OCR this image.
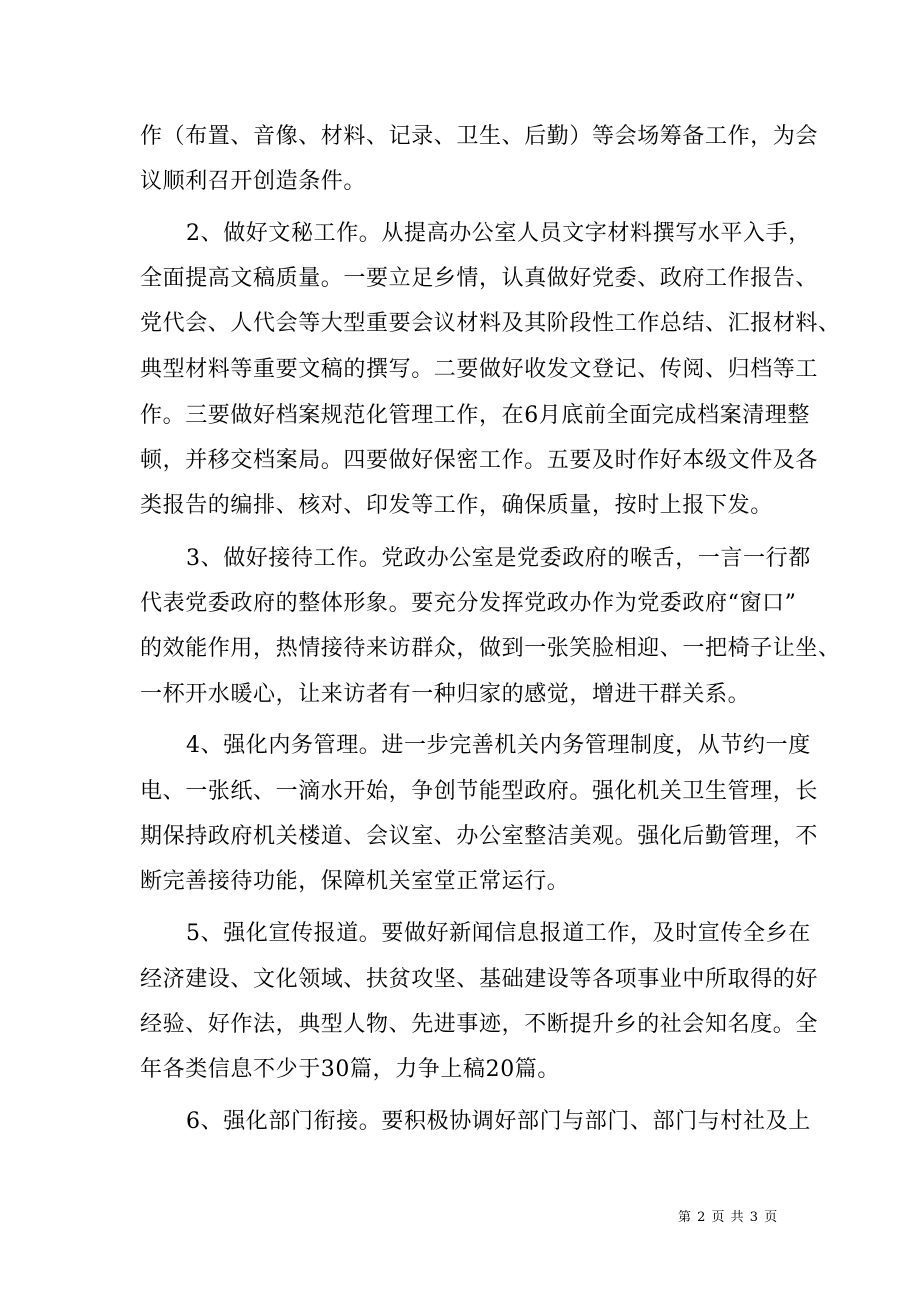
作（布置、音像、材料、记录、卫生、后勤）等会场筹备工作，为会

议顺利召开创造条件。

2、做好文秘工作。从提高办公室人员文字材料撰写水平入手，

全面提高文稿质量。一要立足乡情，认真做好党委、政府工作报告、

党代会、人代会等大型重要会议材料及其阶段性工作总结、汇报材料、

典型材料等重要文稿的撰写。二要做好收发文登记、传阅、归档等工

作。三要做好档案规范化管理工作，在6月底前全面完成档案清理整

顿，并移交档案局。四要做好保密工作。五要及时作好本级文件及各

类报告的编排、核对、印发等工作，确保质量，按时上报下发。

3、做好接待工作。党政办公室是党委政府的喉舌，一言一行都

代表党委政府的整体形象。要充分发挥党政办作为党委政府“窗口”

的效能作用，热情接待来访群众，做到一张笑脸相迎、一把椅子让坐、

一杯开水暖心，让来访者有一种归家的感觉，增进干群关系。

4、强化内务管理。进一步完善机关内务管理制度，从节约一度

电、一张纸、一滴水开始，争创节能型政府。强化机关卫生管理，长

期保持政府机关楼道、会议室、办公室整洁美观。强化后勤管理，不

断完善接待功能，保障机关室堂正常运行。

5、强化宣传报道。要做好新闻信息报道工作，及时宣传全乡在

经济建设、文化领域、扶贫攻坚、基础建设等各项事业中所取得的好

经验、好作法，典型人物、先进事迹，不断提升乡的社会知名度。全

年各类信息不少于30篇，力争上稿20篇。

6、强化部门衔接。要积极协调好部门与部门、部门与村社及上

第 2 页 共 3 页
